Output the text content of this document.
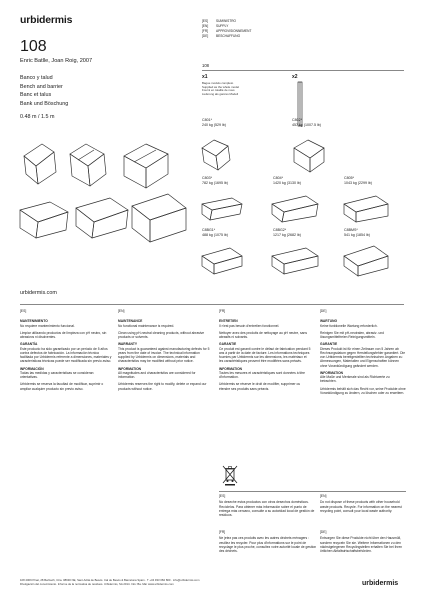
urbidermis
108
Enric Batlle, Joan Roig, 2007
Banco y talud
Bench and barrier
Banc et talus
Bank und Böschung
0.48 m / 1.5 m
urbidermis.com
[ES] SUMINISTRO
[EN] SUPPLY
[FR] APPROVISIONNEMENT
[DE] BESCHAFFUNG
108
x1	x2
Bague modulo completo
Supplied as the whole model
Fourni en totalité de nous
Lieferung als ganzes Modell
C801*
240 kg (529 lb)
C802*
457 kg (1007.5 lb)
C803*
782 kg (1695 lb)
C804*
1420 kg (3130 lb)
C805*
1043 kg (2299 lb)
C8BG1*
488 kg (1075 lb)
C8BG2*
1217 kg (2682 lb)
C8BMS*
541 kg (1854 lb)
[ES]
MANTENIMIENTO
No requiere mantenimiento funcional.
Limpiar utilizando productos de limpieza con pH neutro, sin abrasivos ni disolventes.
GARANTÍA
Este producto ha sido garantizado por un periodo de 5 años contra defectos de fabricación. La información técnica facilitada por Urbidermis referente a dimensiones, materiales y características técnicas puede ser modificada sin previo aviso.
INFORMACIÓN
Todas las medidas y características se consideran orientativas.
Urbidermis se reserva la facultad de modificar, suprimir o ampliar cualquier producto sin previo aviso.
[EN]
MAINTENANCE
No functional maintenance is required.
Clean using pH-neutral cleaning products, without abrasive products or solvents.
WARRANTY
This product is guaranteed against manufacturing defects for 5 years from the date of invoice. The technical information supplied by Urbidermis on dimensions, materials and characteristics may be modified without prior notice.
INFORMATION
All magnitudes and characteristics are considered for information.
Urbidermis reserves the right to modify, delete or expand our products without notice.
[FR]
ENTRETIEN
Il n'est pas besoin d'entretien fonctionnel.
Nettoyer avec des produits de nettoyage au pH neutre, sans abrasifs ni solvants.
GARANTIE
Ce produit est garanti contre le défaut de fabrication pendant 5 ans à partir de la date de facture. Les informations techniques fournies par Urbidermis sur les dimensions, les matériaux et les caractéristiques peuvent être modifiées sans préavis.
INFORMATION
Toutes les mesures et caractéristiques sont données à titre d'information.
Urbidermis se réserve le droit de modifier, supprimer ou étendre ses produits sans préavis.
[DE]
WARTUNG
Keine funktionelle Wartung erforderlich.
Reinigen Sie mit pH-neutralen, abrasiv- und lösungsmittelfreien Reinigungsmitteln.
GARANTIE
Dieses Produkt ist für einen Zeitraum von 5 Jahren ab Rechnungsdatum gegen Herstellungsfehler garantiert. Die von Urbidermis bereitgestellten technischen Angaben zu Abmessungen, Materialien und Eigenschaften können ohne Vorankündigung geändert werden.
INFORMATION
Alle Maße und Merkmale sind als Richtwerte zu betrachten.
Urbidermis behält sich das Recht vor, seine Produkte ohne Vorankündigung zu ändern, zu löschen oder zu erweitern.
[ES]
No deseche estos productos con otros desechos domésticos. Recíclelos. Para obtener más información sobre el punto de entrega más cercano, consulte a su autoridad local de gestión de residuos.
[EN]
Do not dispose of these products with other household waste products. Recycle. For information on the nearest recycling point, consult your local waste authority.
[FR]
Ne jetez pas ces produits avec les autres déchets ménagers : veuillez les recycler. Pour plus d'informations sur le point de recyclage le plus proche, consultez votre autorité locale de gestion des déchets.
[DE]
Entsorgen Sie diese Produkte nicht über den Hausmüll, sondern recyceln Sie sie. Weitere Informationen zu den nächstgelegenen Recyclingstellen erhalten Sie bei Ihren örtlichen Abfallwirtschaftsbehörden.
108 2009 Pinat, 28 Berbach, Ctra. 08930 NE, Sant Adrià de Besòs. Cal de Besós & Barcelona Spain · T +34 933 082 800 · info@urbidermis.com
Divulgación del conocimiento. Informe de la normativa de residuos. Urbidermis, SA 2014. Info: Ba. Mar www.urbidermis.com	urbidermis
